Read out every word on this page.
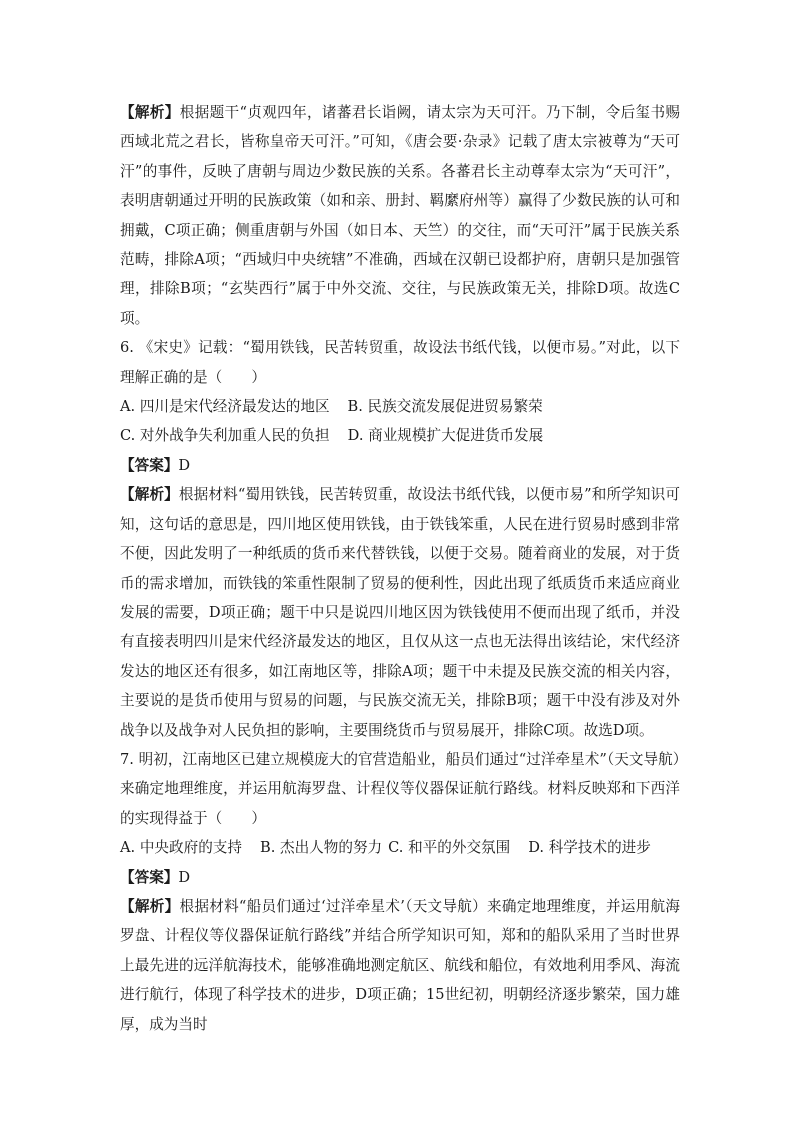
【解析】根据题干“贞观四年，诸蕃君长诣阙，请太宗为天可汗。乃下制，令后玺书赐西域北荒之君长，皆称皇帝天可汗。”可知，《唐会要·杂录》记载了唐太宗被尊为“天可汗”的事件，反映了唐朝与周边少数民族的关系。各蕃君长主动尊奉太宗为“天可汗”，表明唐朝通过开明的民族政策（如和亲、册封、羁縻府州等）赢得了少数民族的认可和拥戴，C项正确；侧重唐朝与外国（如日本、天竺）的交往，而“天可汗”属于民族关系范畴，排除A项；“西域归中央统辖”不准确，西域在汉朝已设都护府，唐朝只是加强管理，排除B项；“玄奘西行”属于中外交流、交往，与民族政策无关，排除D项。故选C项。

6. 《宋史》记载：“蜀用铁钱，民苦转贸重，故设法书纸代钱，以便市易。”对此，以下理解正确的是（　　）

A. 四川是宋代经济最发达的地区 B. 民族交流发展促进贸易繁荣
C. 对外战争失利加重人民的负担 D. 商业规模扩大促进货币发展

【答案】D

【解析】根据材料“蜀用铁钱，民苦转贸重，故设法书纸代钱，以便市易”和所学知识可知，这句话的意思是，四川地区使用铁钱，由于铁钱笨重，人民在进行贸易时感到非常不便，因此发明了一种纸质的货币来代替铁钱，以便于交易。随着商业的发展，对于货币的需求增加，而铁钱的笨重性限制了贸易的便利性，因此出现了纸质货币来适应商业发展的需要，D项正确；题干中只是说四川地区因为铁钱使用不便而出现了纸币，并没有直接表明四川是宋代经济最发达的地区，且仅从这一点也无法得出该结论，宋代经济发达的地区还有很多，如江南地区等，排除A项；题干中未提及民族交流的相关内容，主要说的是货币使用与贸易的问题，与民族交流无关，排除B项；题干中没有涉及对外战争以及战争对人民负担的影响，主要围绕货币与贸易展开，排除C项。故选D项。

7. 明初，江南地区已建立规模庞大的官营造船业，船员们通过“过洋牵星术”（天文导航）来确定地理维度，并运用航海罗盘、计程仪等仪器保证航行路线。材料反映郑和下西洋的实现得益于（　　）

A. 中央政府的支持 B. 杰出人物的努力 C. 和平的外交氛围 D. 科学技术的进步

【答案】D

【解析】根据材料“船员们通过‘过洋牵星术’（天文导航）来确定地理维度，并运用航海罗盘、计程仪等仪器保证航行路线”并结合所学知识可知，郑和的船队采用了当时世界上最先进的远洋航海技术，能够准确地测定航区、航线和船位，有效地利用季风、海流进行航行，体现了科学技术的进步，D项正确；15世纪初，明朝经济逐步繁荣，国力雄厚，成为当时
